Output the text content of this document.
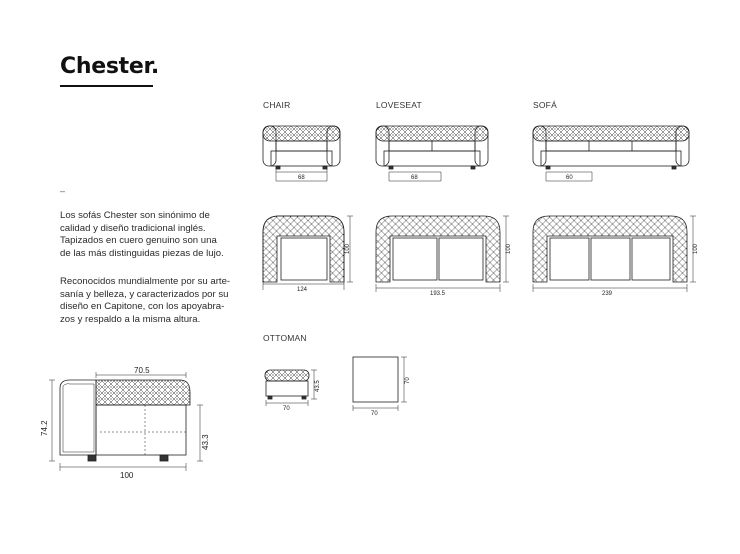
Chester.
–
Los sofás Chester son sinónimo de
calidad y diseño tradicional inglés.
Tapizados en cuero genuino son una
de las más distinguidas piezas de lujo.
Reconocidos mundialmente por su arte-
sanía y belleza, y caracterizados por su
diseño en Capitone, con los apoyabra-
zos y respaldo a la misma altura.
CHAIR	LOVESEAT	SOFÁ
OTTOMAN
68	68	60
124
193.5	239
100	100	100
70
43.5
70
70
100
70.5
74.2
43.3
